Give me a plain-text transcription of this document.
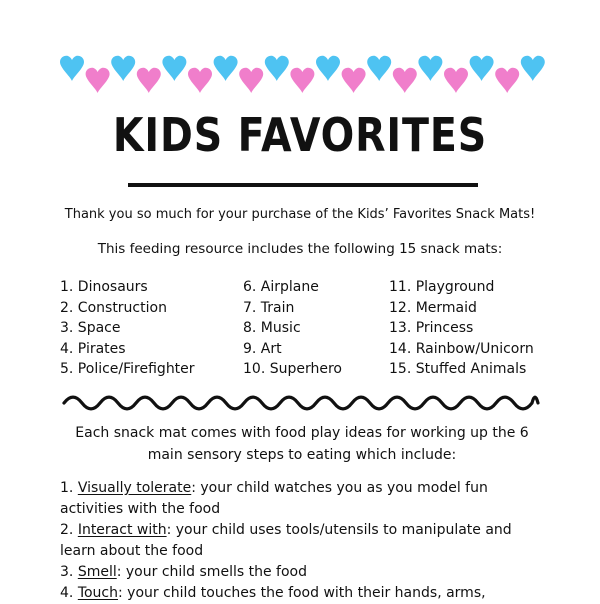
KIDS FAVORITES
Thank you so much for your purchase of the Kids’ Favorites Snack Mats!
This feeding resource includes the following 15 snack mats:
1. Dinosaurs
2. Construction
3. Space
4. Pirates
5. Police/Firefighter
6. Airplane
7. Train
8. Music
9. Art
10. Superhero
11. Playground
12. Mermaid
13. Princess
14. Rainbow/Unicorn
15. Stuffed Animals
Each snack mat comes with food play ideas for working up the 6
main sensory steps to eating which include:
1. Visually tolerate: your child watches you as you model fun activities with the food
2. Interact with: your child uses tools/utensils to manipulate and learn about the food
3. Smell: your child smells the food
4. Touch: your child touches the food with their hands, arms,
